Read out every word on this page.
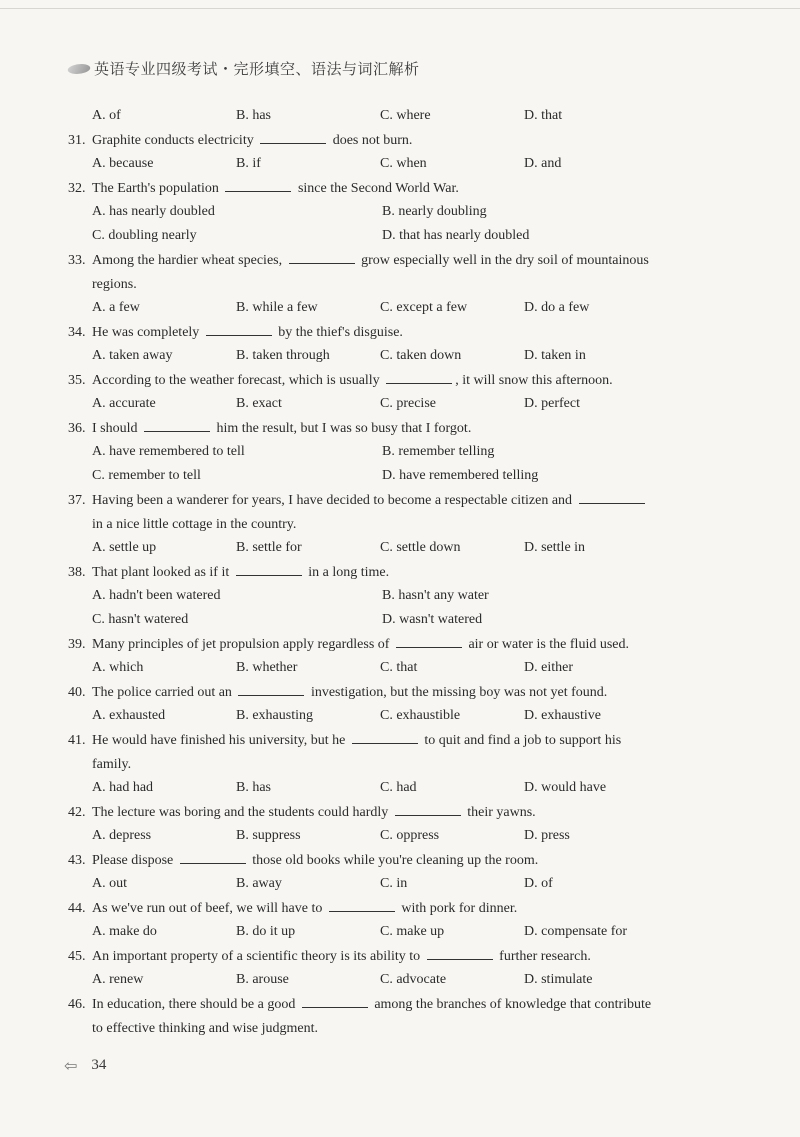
英语专业四级考试・完形填空、语法与词汇解析
A. of	B. has	C. where	D. that
31. Graphite conducts electricity	does not burn.
A. because	B. if	C. when	D. and
32. The Earth's population	since the Second World War.
A. has nearly doubled	B. nearly doubling
C. doubling nearly	D. that has nearly doubled
33. Among the hardier wheat species,	grow especially well in the dry soil of mountainous
regions.
A. a few	B. while a few	C. except a few	D. do a few
34. He was completely	by the thief's disguise.
A. taken away	B. taken through	C. taken down	D. taken in
35. According to the weather forecast, which is usually	, it will snow this afternoon.
A. accurate	B. exact	C. precise	D. perfect
36. I should	him the result, but I was so busy that I forgot.
A. have remembered to tell	B. remember telling
C. remember to tell	D. have remembered telling
37. Having been a wanderer for years, I have decided to become a respectable citizen and
in a nice little cottage in the country.
A. settle up	B. settle for	C. settle down	D. settle in
38. That plant looked as if it	in a long time.
A. hadn't been watered	B. hasn't any water
C. hasn't watered	D. wasn't watered
39. Many principles of jet propulsion apply regardless of	air or water is the fluid used.
A. which	B. whether	C. that	D. either
40. The police carried out an	investigation, but the missing boy was not yet found.
A. exhausted	B. exhausting	C. exhaustible	D. exhaustive
41. He would have finished his university, but he	to quit and find a job to support his
family.
A. had had	B. has	C. had	D. would have
42. The lecture was boring and the students could hardly	their yawns.
A. depress	B. suppress	C. oppress	D. press
43. Please dispose	those old books while you're cleaning up the room.
A. out	B. away	C. in	D. of
44. As we've run out of beef, we will have to	with pork for dinner.
A. make do	B. do it up	C. make up	D. compensate for
45. An important property of a scientific theory is its ability to	further research.
A. renew	B. arouse	C. advocate	D. stimulate
46. In education, there should be a good	among the branches of knowledge that contribute
to effective thinking and wise judgment.
⇦ 34
